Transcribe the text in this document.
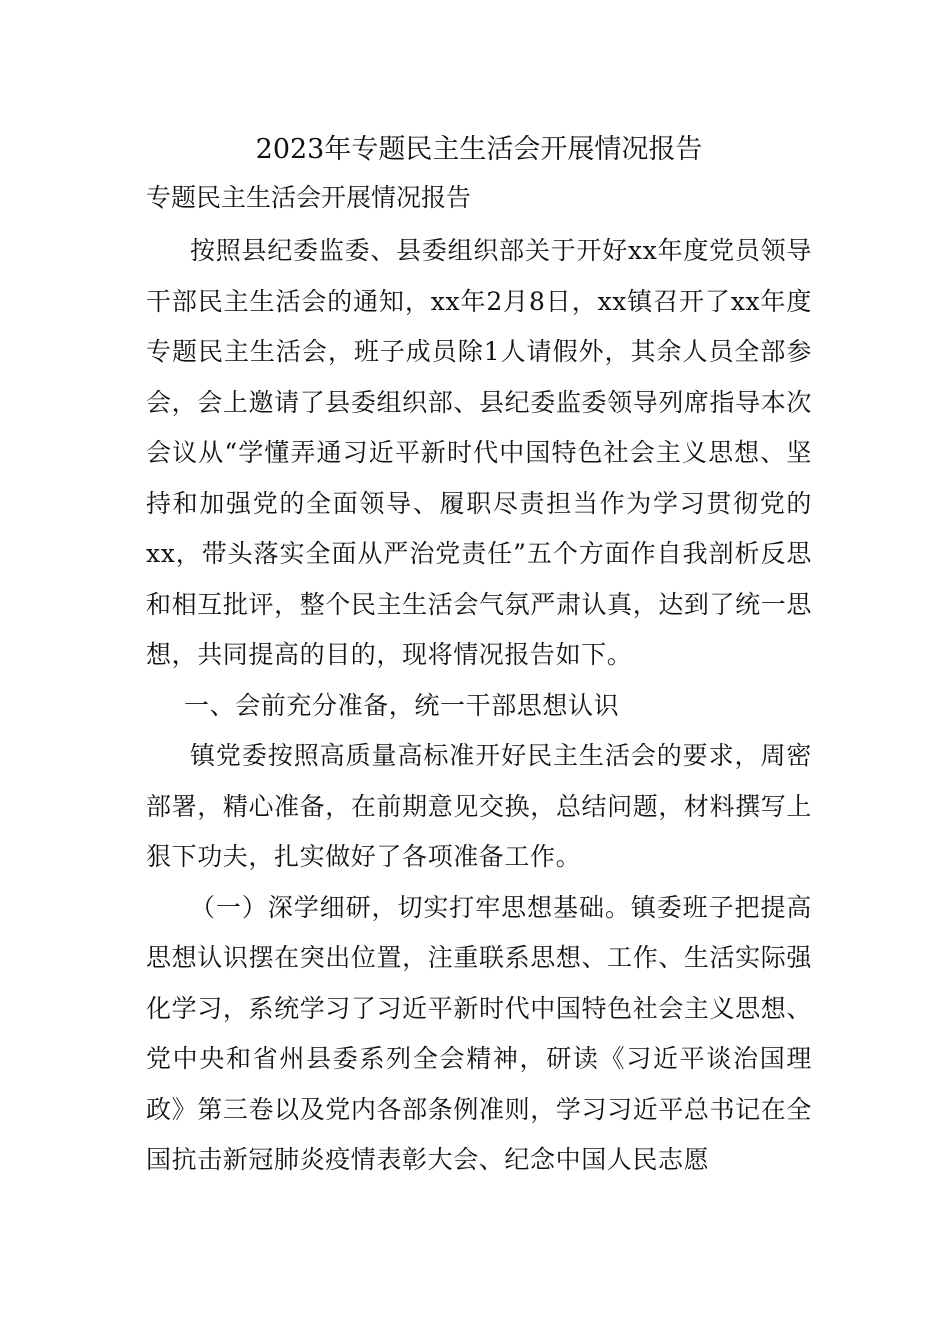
2023年专题民主生活会开展情况报告

专题民主生活会开展情况报告

按照县纪委监委、县委组织部关于开好xx年度党员领导干部民主生活会的通知，xx年2月8日，xx镇召开了xx年度专题民主生活会，班子成员除1人请假外，其余人员全部参会，会上邀请了县委组织部、县纪委监委领导列席指导本次会议从“学懂弄通习近平新时代中国特色社会主义思想、坚持和加强党的全面领导、履职尽责担当作为学习贯彻党的xx，带头落实全面从严治党责任”五个方面作自我剖析反思和相互批评，整个民主生活会气氛严肃认真，达到了统一思想，共同提高的目的，现将情况报告如下。

一、会前充分准备，统一干部思想认识

镇党委按照高质量高标准开好民主生活会的要求，周密部署，精心准备，在前期意见交换，总结问题，材料撰写上狠下功夫，扎实做好了各项准备工作。

（一）深学细研，切实打牢思想基础。镇委班子把提高思想认识摆在突出位置，注重联系思想、工作、生活实际强化学习，系统学习了习近平新时代中国特色社会主义思想、党中央和省州县委系列全会精神，研读《习近平谈治国理政》第三卷以及党内各部条例准则，学习习近平总书记在全国抗击新冠肺炎疫情表彰大会、纪念中国人民志愿
